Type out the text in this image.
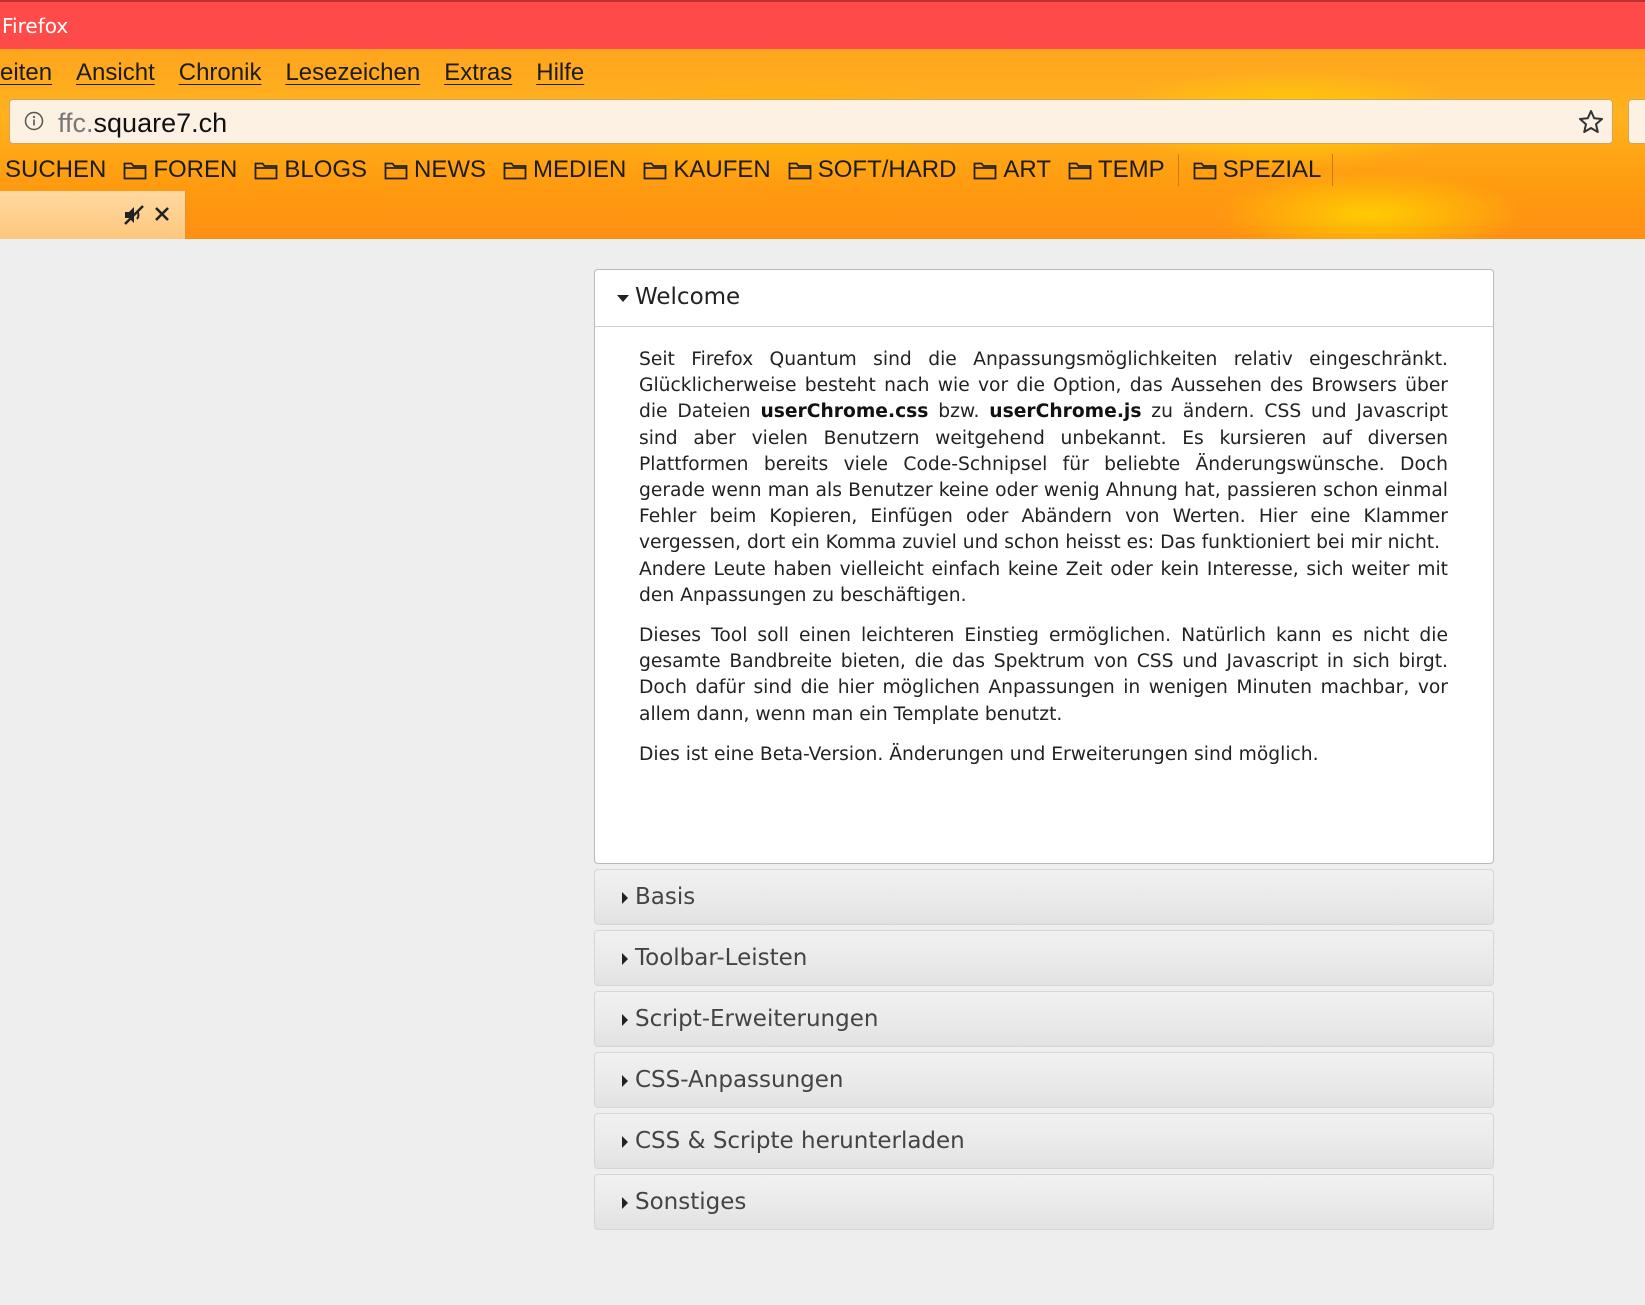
Firefox
eiten Ansicht Chronik Lesezeichen Extras Hilfe
ffc.square7.ch
SUCHEN FOREN BLOGS NEWS MEDIEN KAUFEN SOFT/HARD ART TEMP SPEZIAL
Welcome

Seit Firefox Quantum sind die Anpassungsmöglichkeiten relativ eingeschränkt. Glücklicherweise besteht nach wie vor die Option, das Aussehen des Browsers über die Dateien userChrome.css bzw. userChrome.js zu ändern. CSS und Javascript sind aber vielen Benutzern weitgehend unbekannt. Es kursieren auf diversen Plattformen bereits viele Code-Schnipsel für beliebte Änderungswünsche. Doch gerade wenn man als Benutzer keine oder wenig Ahnung hat, passieren schon einmal Fehler beim Kopieren, Einfügen oder Abändern von Werten. Hier eine Klammer vergessen, dort ein Komma zuviel und schon heisst es: Das funktioniert bei mir nicht.
Andere Leute haben vielleicht einfach keine Zeit oder kein Interesse, sich weiter mit den Anpassungen zu beschäftigen.

Dieses Tool soll einen leichteren Einstieg ermöglichen. Natürlich kann es nicht die gesamte Bandbreite bieten, die das Spektrum von CSS und Javascript in sich birgt. Doch dafür sind die hier möglichen Anpassungen in wenigen Minuten machbar, vor allem dann, wenn man ein Template benutzt.

Dies ist eine Beta-Version. Änderungen und Erweiterungen sind möglich.

Basis
Toolbar-Leisten
Script-Erweiterungen
CSS-Anpassungen
CSS & Scripte herunterladen
Sonstiges
